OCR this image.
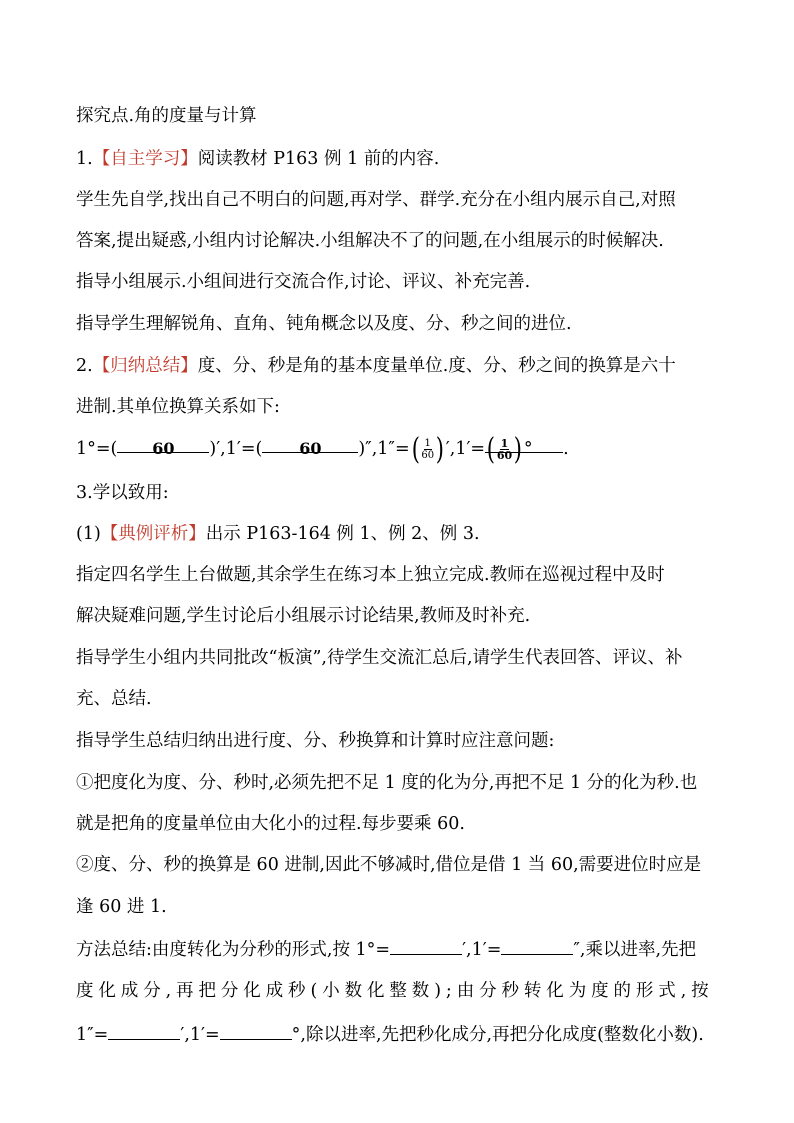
探究点.角的度量与计算
1.【自主学习】阅读教材 P163 例 1 前的内容.
学生先自学,找出自己不明白的问题,再对学、群学.充分在小组内展示自己,对照
答案,提出疑惑,小组内讨论解决.小组解决不了的问题,在小组展示的时候解决.
指导小组展示.小组间进行交流合作,讨论、评议、补充完善.
指导学生理解锐角、直角、钝角概念以及度、分、秒之间的进位.
2.【归纳总结】度、分、秒是角的基本度量单位.度、分、秒之间的换算是六十
进制.其单位换算关系如下:
1°=( 60 )′,1′=( 60 )″,1″= ( $\frac{1}{60}$ ) ′,1′= ( $\frac{1}{60}$ ) ° .
3.学以致用:
(1)【典例评析】出示 P163-164 例 1、例 2、例 3.
指定四名学生上台做题,其余学生在练习本上独立完成.教师在巡视过程中及时
解决疑难问题,学生讨论后小组展示讨论结果,教师及时补充.
指导学生小组内共同批改“板演”,待学生交流汇总后,请学生代表回答、评议、补
充、总结.
指导学生总结归纳出进行度、分、秒换算和计算时应注意问题:
①把度化为度、分、秒时,必须先把不足 1 度的化为分,再把不足 1 分的化为秒.也
就是把角的度量单位由大化小的过程.每步要乘 60.
②度、分、秒的换算是 60 进制,因此不够减时,借位是借 1 当 60,需要进位时应是
逢 60 进 1.
方法总结:由度转化为分秒的形式,按 1°=	′,1′=	″,乘以进率,先把
度化成分,再把分化成秒(小数化整数);由分秒转化为度的形式,按
1″=	′,1′=	°,除以进率,先把秒化成分,再把分化成度(整数化小数).
